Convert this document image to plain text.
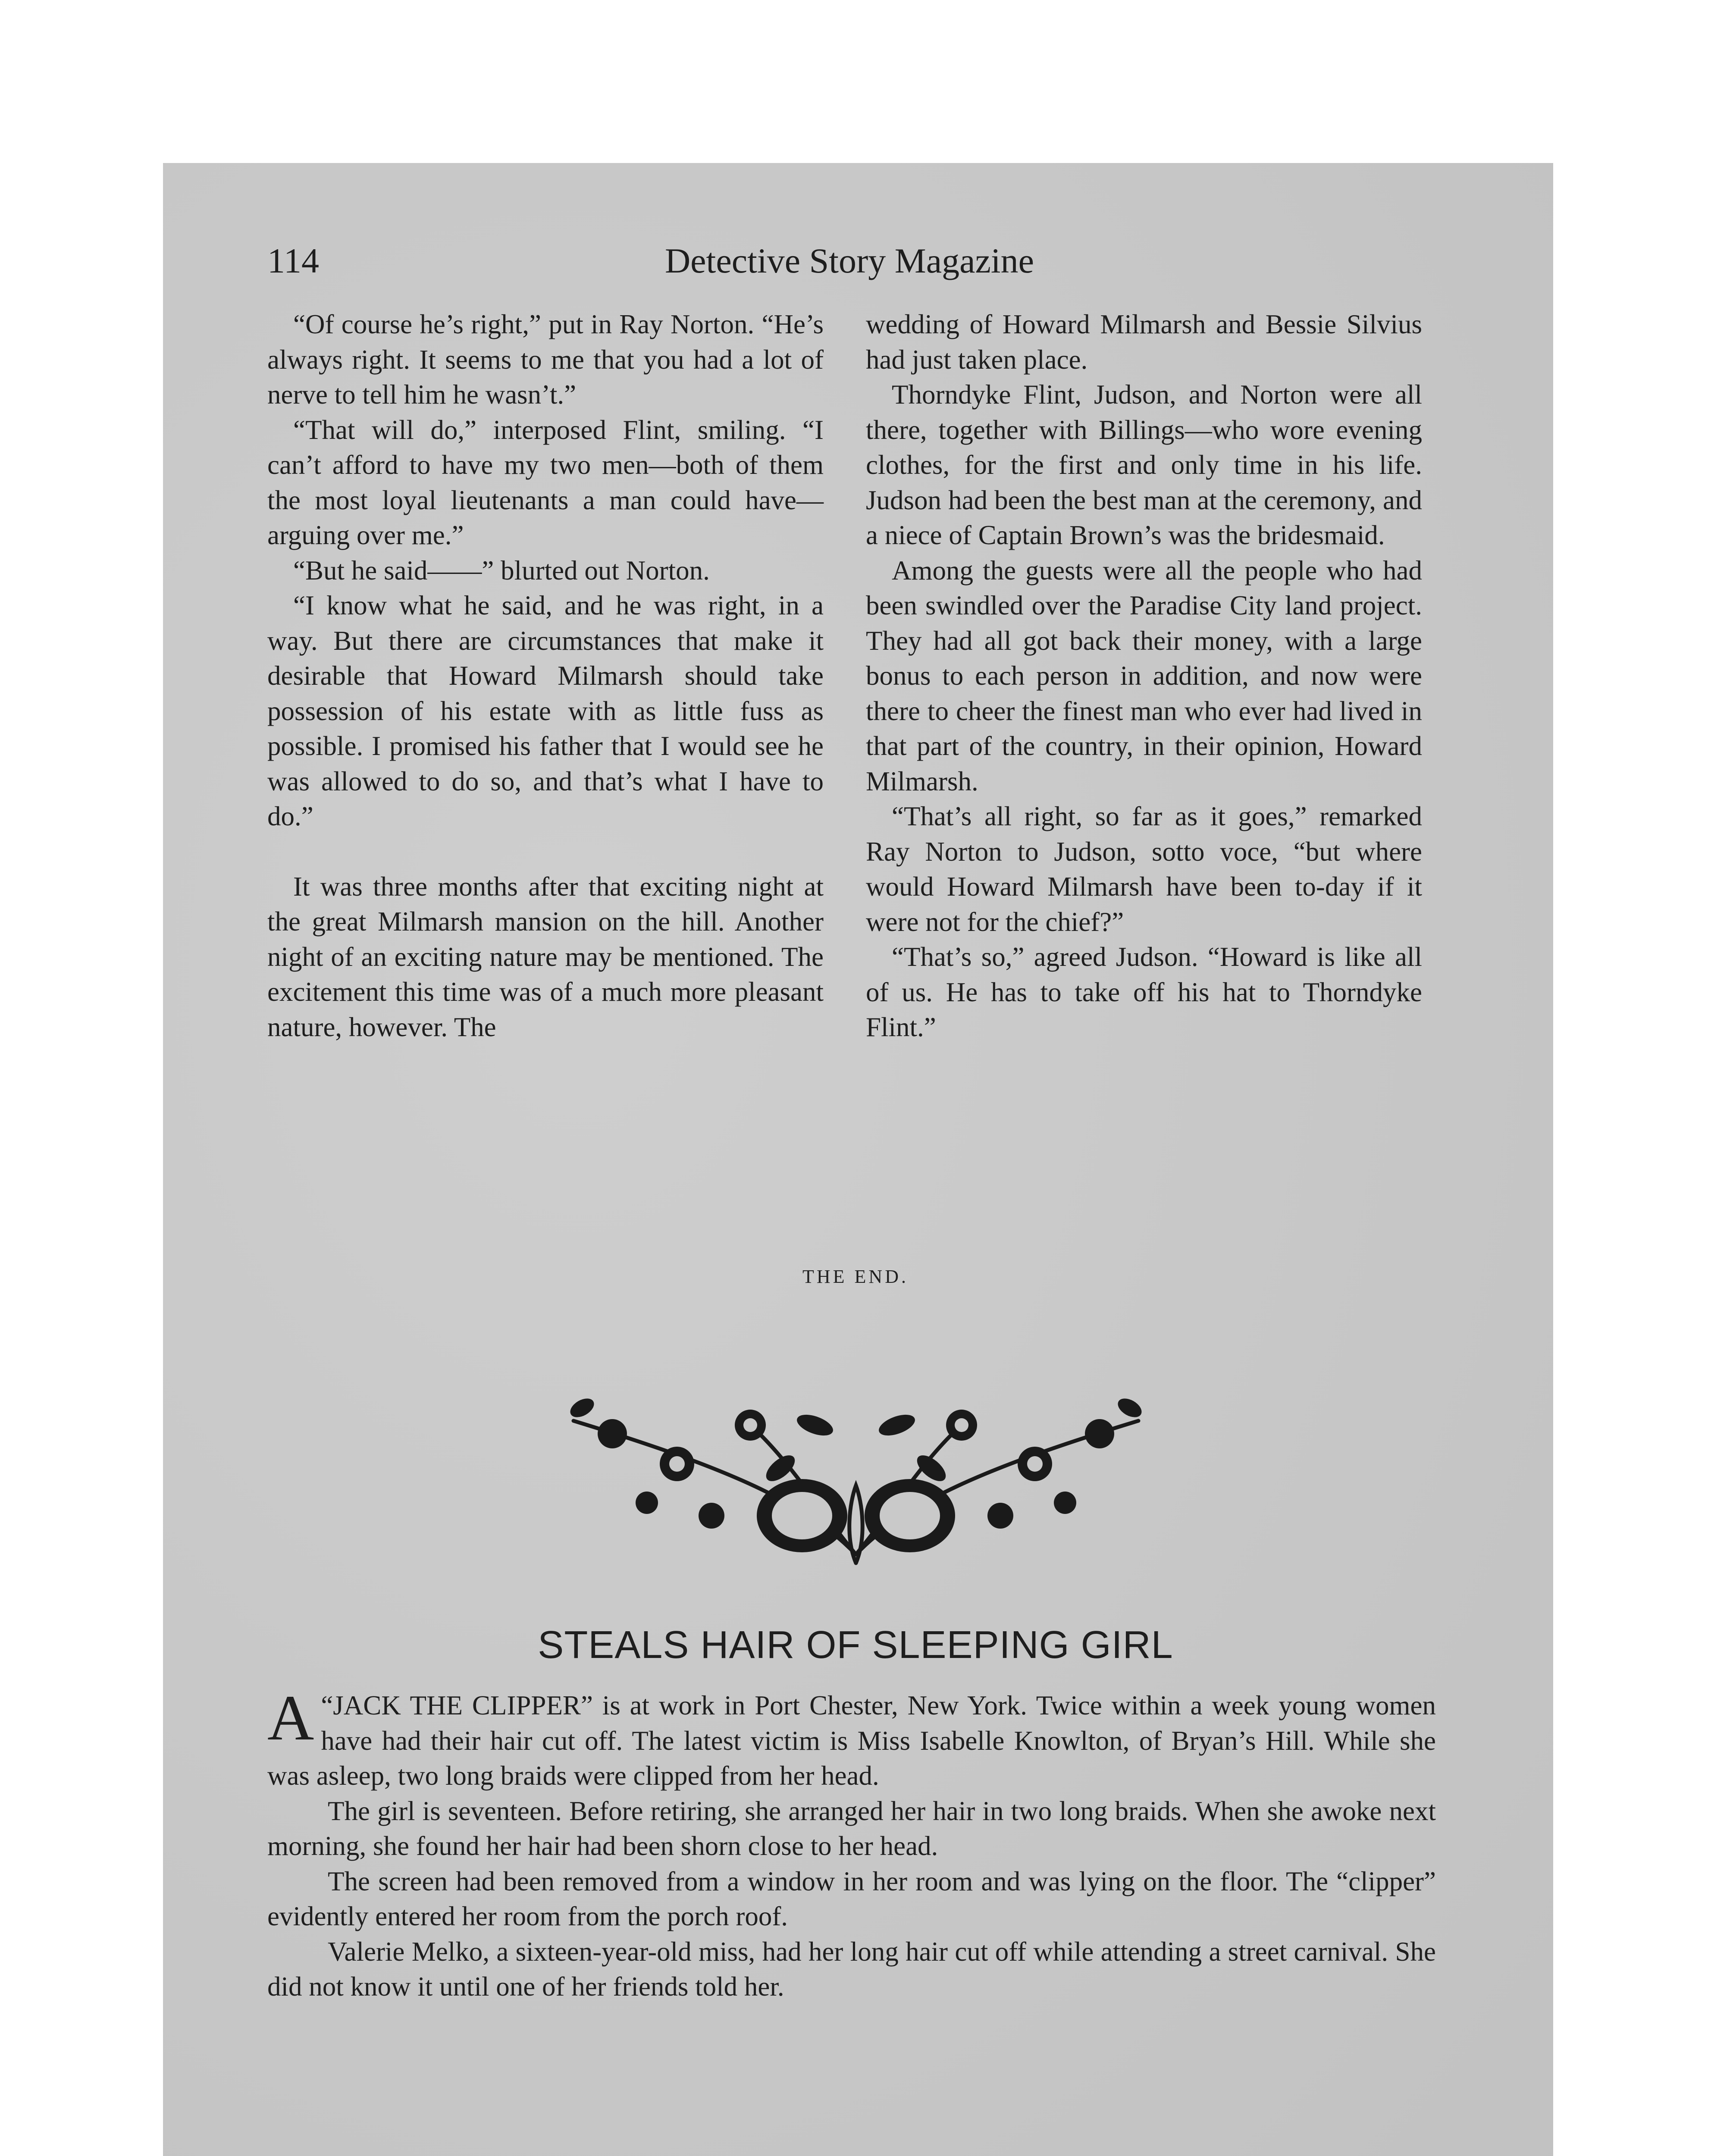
114	Detective Story Magazine

“Of course he’s right,” put in Ray Norton. “He’s always right. It seems to me that you had a lot of nerve to tell him he wasn’t.”

“That will do,” interposed Flint, smiling. “I can’t afford to have my two men—both of them the most loyal lieutenants a man could have—arguing over me.”

“But he said——” blurted out Norton.

“I know what he said, and he was right, in a way. But there are circumstances that make it desirable that Howard Milmarsh should take possession of his estate with as little fuss as possible. I promised his father that I would see he was allowed to do so, and that’s what I have to do.”

It was three months after that exciting night at the great Milmarsh mansion on the hill. Another night of an exciting nature may be mentioned. The excitement this time was of a much more pleasant nature, however. The

wedding of Howard Milmarsh and Bessie Silvius had just taken place.

Thorndyke Flint, Judson, and Norton were all there, together with Billings—who wore evening clothes, for the first and only time in his life. Judson had been the best man at the ceremony, and a niece of Captain Brown’s was the bridesmaid.

Among the guests were all the people who had been swindled over the Paradise City land project. They had all got back their money, with a large bonus to each person in addition, and now were there to cheer the finest man who ever had lived in that part of the country, in their opinion, Howard Milmarsh.

“That’s all right, so far as it goes,” remarked Ray Norton to Judson, sotto voce, “but where would Howard Milmarsh have been to-day if it were not for the chief?”

“That’s so,” agreed Judson. “Howard is like all of us. He has to take off his hat to Thorndyke Flint.”

THE END.
STEALS HAIR OF SLEEPING GIRL

A “JACK THE CLIPPER” is at work in Port Chester, New York. Twice within a week young women have had their hair cut off. The latest victim is Miss Isabelle Knowlton, of Bryan’s Hill. While she was asleep, two long braids were clipped from her head.

The girl is seventeen. Before retiring, she arranged her hair in two long braids. When she awoke next morning, she found her hair had been shorn close to her head.

The screen had been removed from a window in her room and was lying on the floor. The “clipper” evidently entered her room from the porch roof.

Valerie Melko, a sixteen-year-old miss, had her long hair cut off while attending a street carnival. She did not know it until one of her friends told her.
